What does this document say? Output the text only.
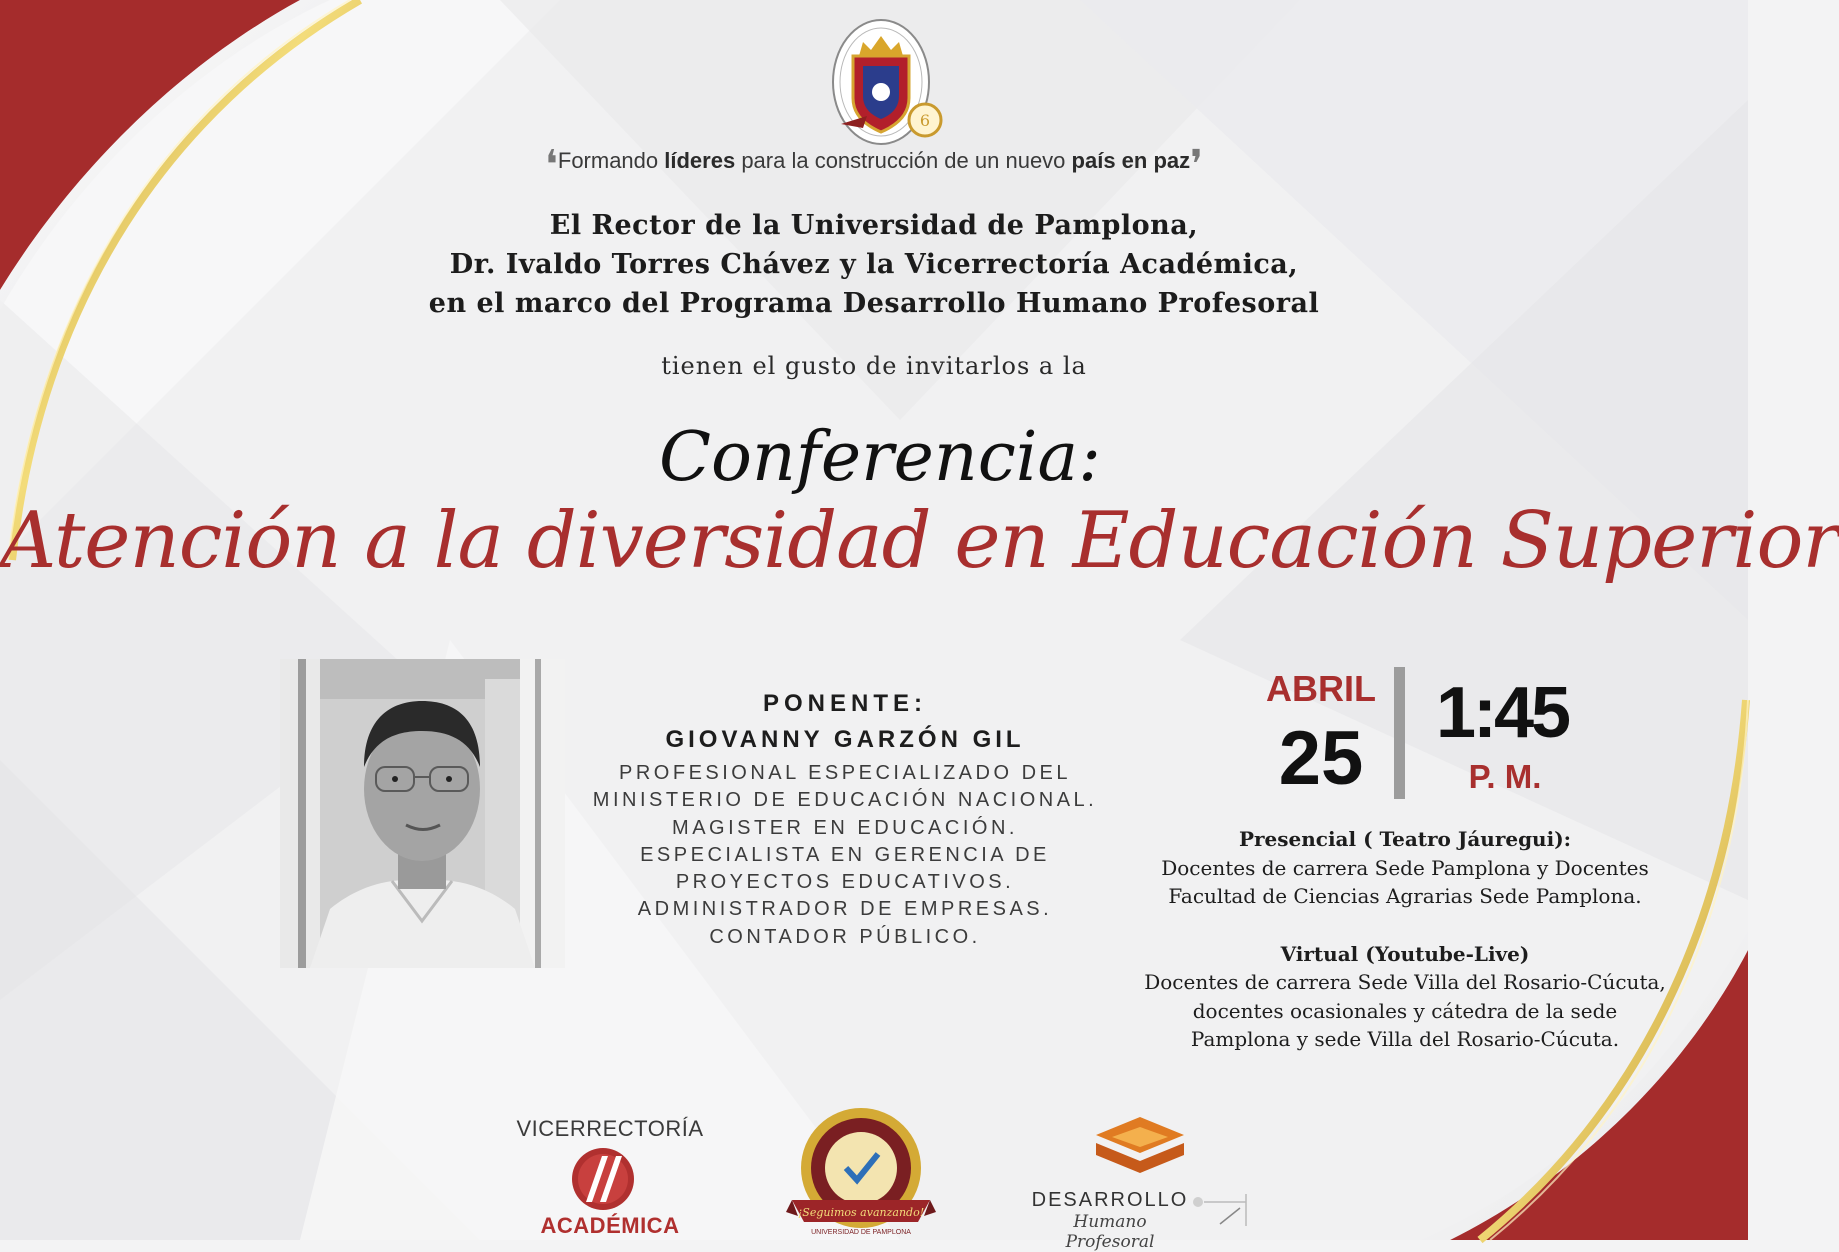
6
❛Formando líderes para la construcción de un nuevo país en paz❜
El Rector de la Universidad de Pamplona,
Dr. Ivaldo Torres Chávez y la Vicerrectoría Académica,
en el marco del Programa Desarrollo Humano Profesoral
tienen el gusto de invitarlos a la
Conferencia:
Atención a la diversidad en Educación Superior
PONENTE:
GIOVANNY GARZÓN GIL
PROFESIONAL ESPECIALIZADO DEL
MINISTERIO DE EDUCACIÓN NACIONAL.
MAGISTER EN EDUCACIÓN.
ESPECIALISTA EN GERENCIA DE
PROYECTOS EDUCATIVOS.
ADMINISTRADOR DE EMPRESAS.
CONTADOR PÚBLICO.
ABRIL
25
1:45
P. M.
Presencial ( Teatro Jáuregui):
Docentes de carrera Sede Pamplona y Docentes
Facultad de Ciencias Agrarias Sede Pamplona.
Virtual (Youtube-Live)
Docentes de carrera Sede Villa del Rosario-Cúcuta,
docentes ocasionales y cátedra de la sede
Pamplona y sede Villa del Rosario-Cúcuta.
VICERRECTORÍA
ACADÉMICA
¡Seguimos avanzando!
UNIVERSIDAD DE PAMPLONA
DESARROLLO
Humano Profesoral
